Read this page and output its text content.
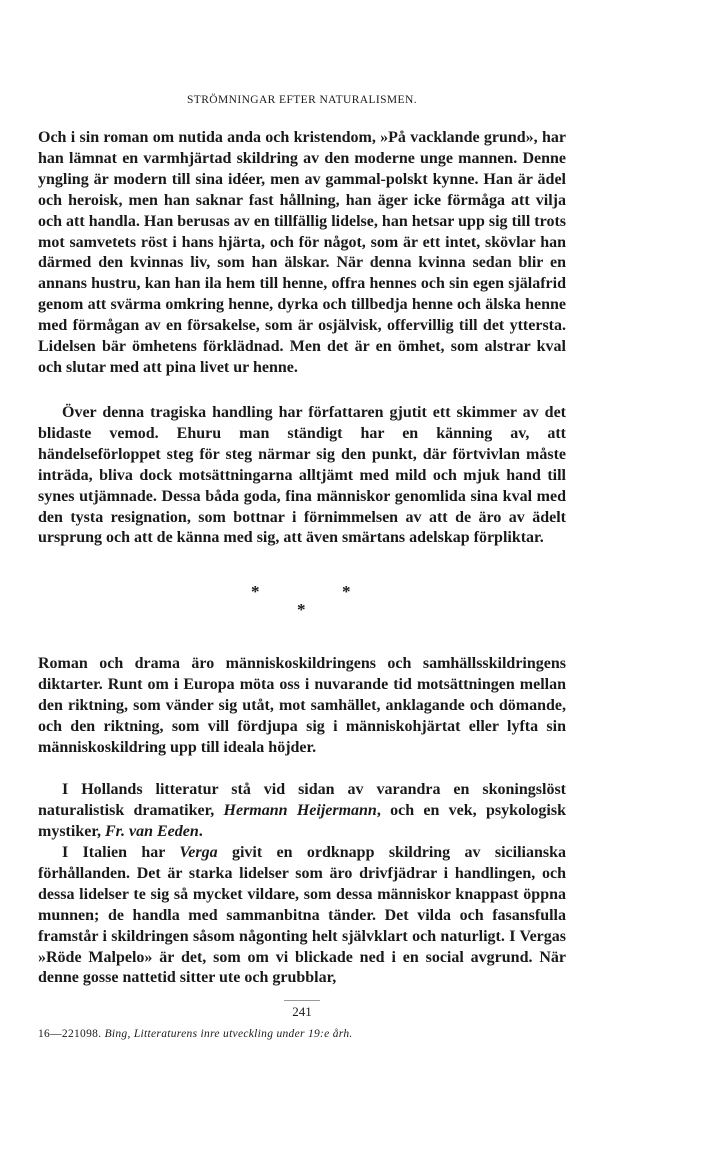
STRÖMNINGAR EFTER NATURALISMEN.
Och i sin roman om nutida anda och kristendom, »På vacklande grund», har han lämnat en varmhjärtad skildring av den moderne unge mannen. Denne yngling är modern till sina idéer, men av gammal-polskt kynne. Han är ädel och heroisk, men han saknar fast hållning, han äger icke förmåga att vilja och att handla. Han berusas av en tillfällig lidelse, han hetsar upp sig till trots mot samvetets röst i hans hjärta, och för något, som är ett intet, skövlar han därmed den kvinnas liv, som han älskar. När denna kvinna sedan blir en annans hustru, kan han ila hem till henne, offra hennes och sin egen själafrid genom att svärma omkring henne, dyrka och tillbedja henne och älska henne med förmågan av en försakelse, som är osjälvisk, offervillig till det yttersta. Lidelsen bär ömhetens förklädnad. Men det är en ömhet, som alstrar kval och slutar med att pina livet ur henne.
Över denna tragiska handling har författaren gjutit ett skimmer av det blidaste vemod. Ehuru man ständigt har en känning av, att händelseförloppet steg för steg närmar sig den punkt, där förtvivlan måste inträda, bliva dock motsättningarna alltjämt med mild och mjuk hand till synes utjämnade. Dessa båda goda, fina människor genomlida sina kval med den tysta resignation, som bottnar i förnimmelsen av att de äro av ädelt ursprung och att de känna med sig, att även smärtans adelskap förpliktar.
*	*
*
Roman och drama äro människoskildringens och samhällsskildringens diktarter. Runt om i Europa möta oss i nuvarande tid motsättningen mellan den riktning, som vänder sig utåt, mot samhället, anklagande och dömande, och den riktning, som vill fördjupa sig i människohjärtat eller lyfta sin människoskildring upp till ideala höjder.
I Hollands litteratur stå vid sidan av varandra en skoningslöst naturalistisk dramatiker, Hermann Heijermann, och en vek, psykologisk mystiker, Fr. van Eeden.
I Italien har Verga givit en ordknapp skildring av sicilianska förhållanden. Det är starka lidelser som äro drivfjädrar i handlingen, och dessa lidelser te sig så mycket vildare, som dessa människor knappast öppna munnen; de handla med sammanbitna tänder. Det vilda och fasansfulla framstår i skildringen såsom någonting helt självklart och naturligt. I Vergas »Röde Malpelo» är det, som om vi blickade ned i en social avgrund. När denne gosse nattetid sitter ute och grubblar,
241
16—221098. Bing, Litteraturens inre utveckling under 19:e årh.
